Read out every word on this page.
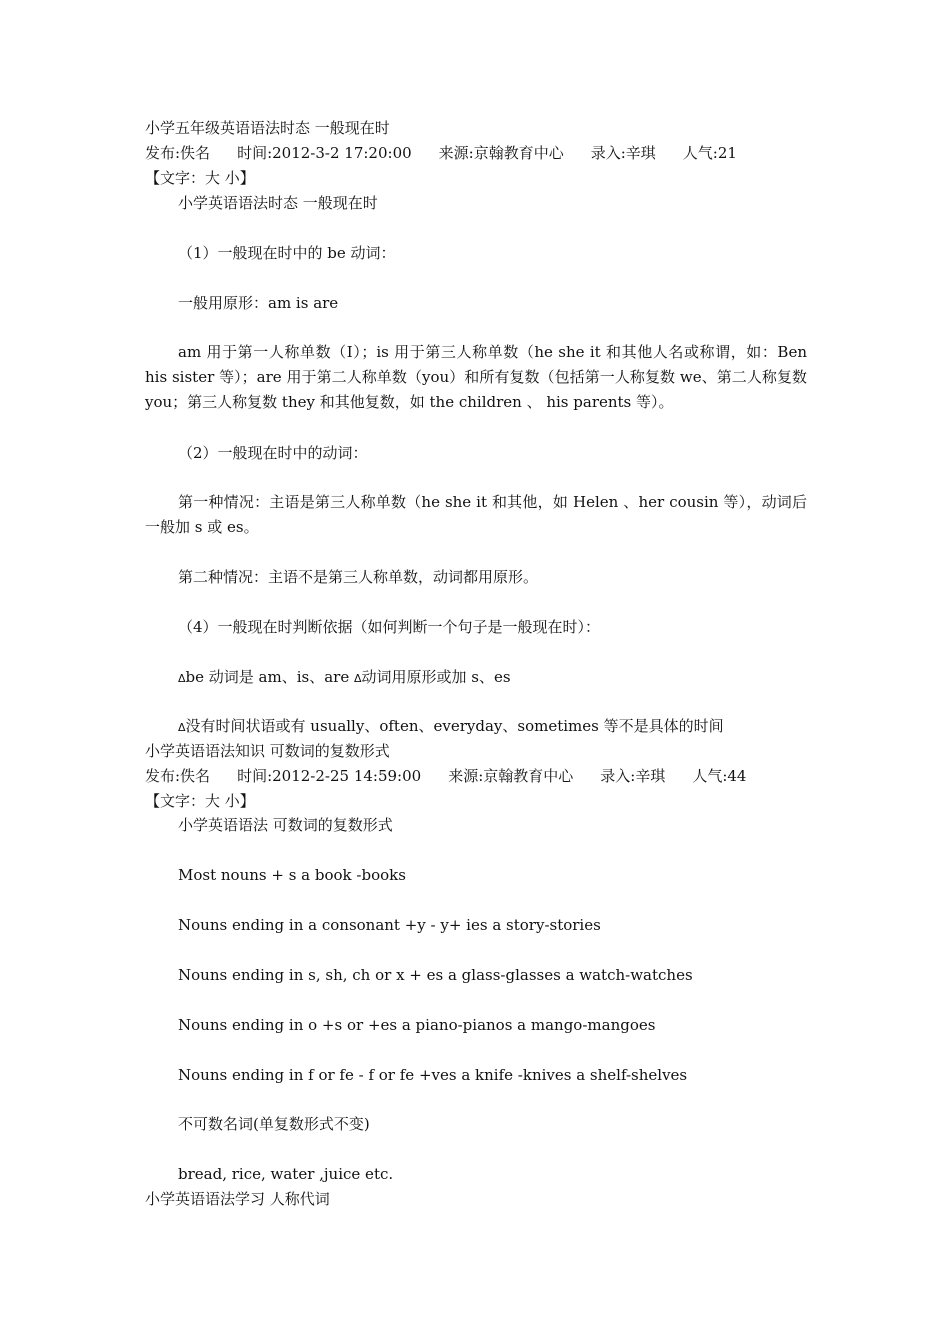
小学五年级英语语法时态 一般现在时
发布:佚名 时间:2012-3-2 17:20:00 来源:京翰教育中心 录入:辛琪 人气:21
【文字：大 小】
小学英语语法时态 一般现在时
（1）一般现在时中的 be 动词：
一般用原形：am is are
am 用于第一人称单数（I）；is 用于第三人称单数（he she it 和其他人名或称谓，如：Ben his sister 等）；are 用于第二人称单数（you）和所有复数（包括第一人称复数 we、第二人称复数 you；第三人称复数 they 和其他复数，如 the children 、 his parents 等）。
（2）一般现在时中的动词：
第一种情况：主语是第三人称单数（he she it 和其他，如 Helen 、her cousin 等），动词后一般加 s 或 es。
第二种情况：主语不是第三人称单数，动词都用原形。
（4）一般现在时判断依据（如何判断一个句子是一般现在时）：
Δbe 动词是 am、is、are Δ动词用原形或加 s、es
Δ没有时间状语或有 usually、often、everyday、sometimes 等不是具体的时间
小学英语语法知识 可数词的复数形式
发布:佚名 时间:2012-2-25 14:59:00 来源:京翰教育中心 录入:辛琪 人气:44
【文字：大 小】
小学英语语法 可数词的复数形式
Most nouns + s a book -books
Nouns ending in a consonant +y - y+ ies a story-stories
Nouns ending in s, sh, ch or x + es a glass-glasses a watch-watches
Nouns ending in o +s or +es a piano-pianos a mango-mangoes
Nouns ending in f or fe - f or fe +ves a knife -knives a shelf-shelves
不可数名词(单复数形式不变)
bread, rice, water ,juice etc.
小学英语语法学习 人称代词
